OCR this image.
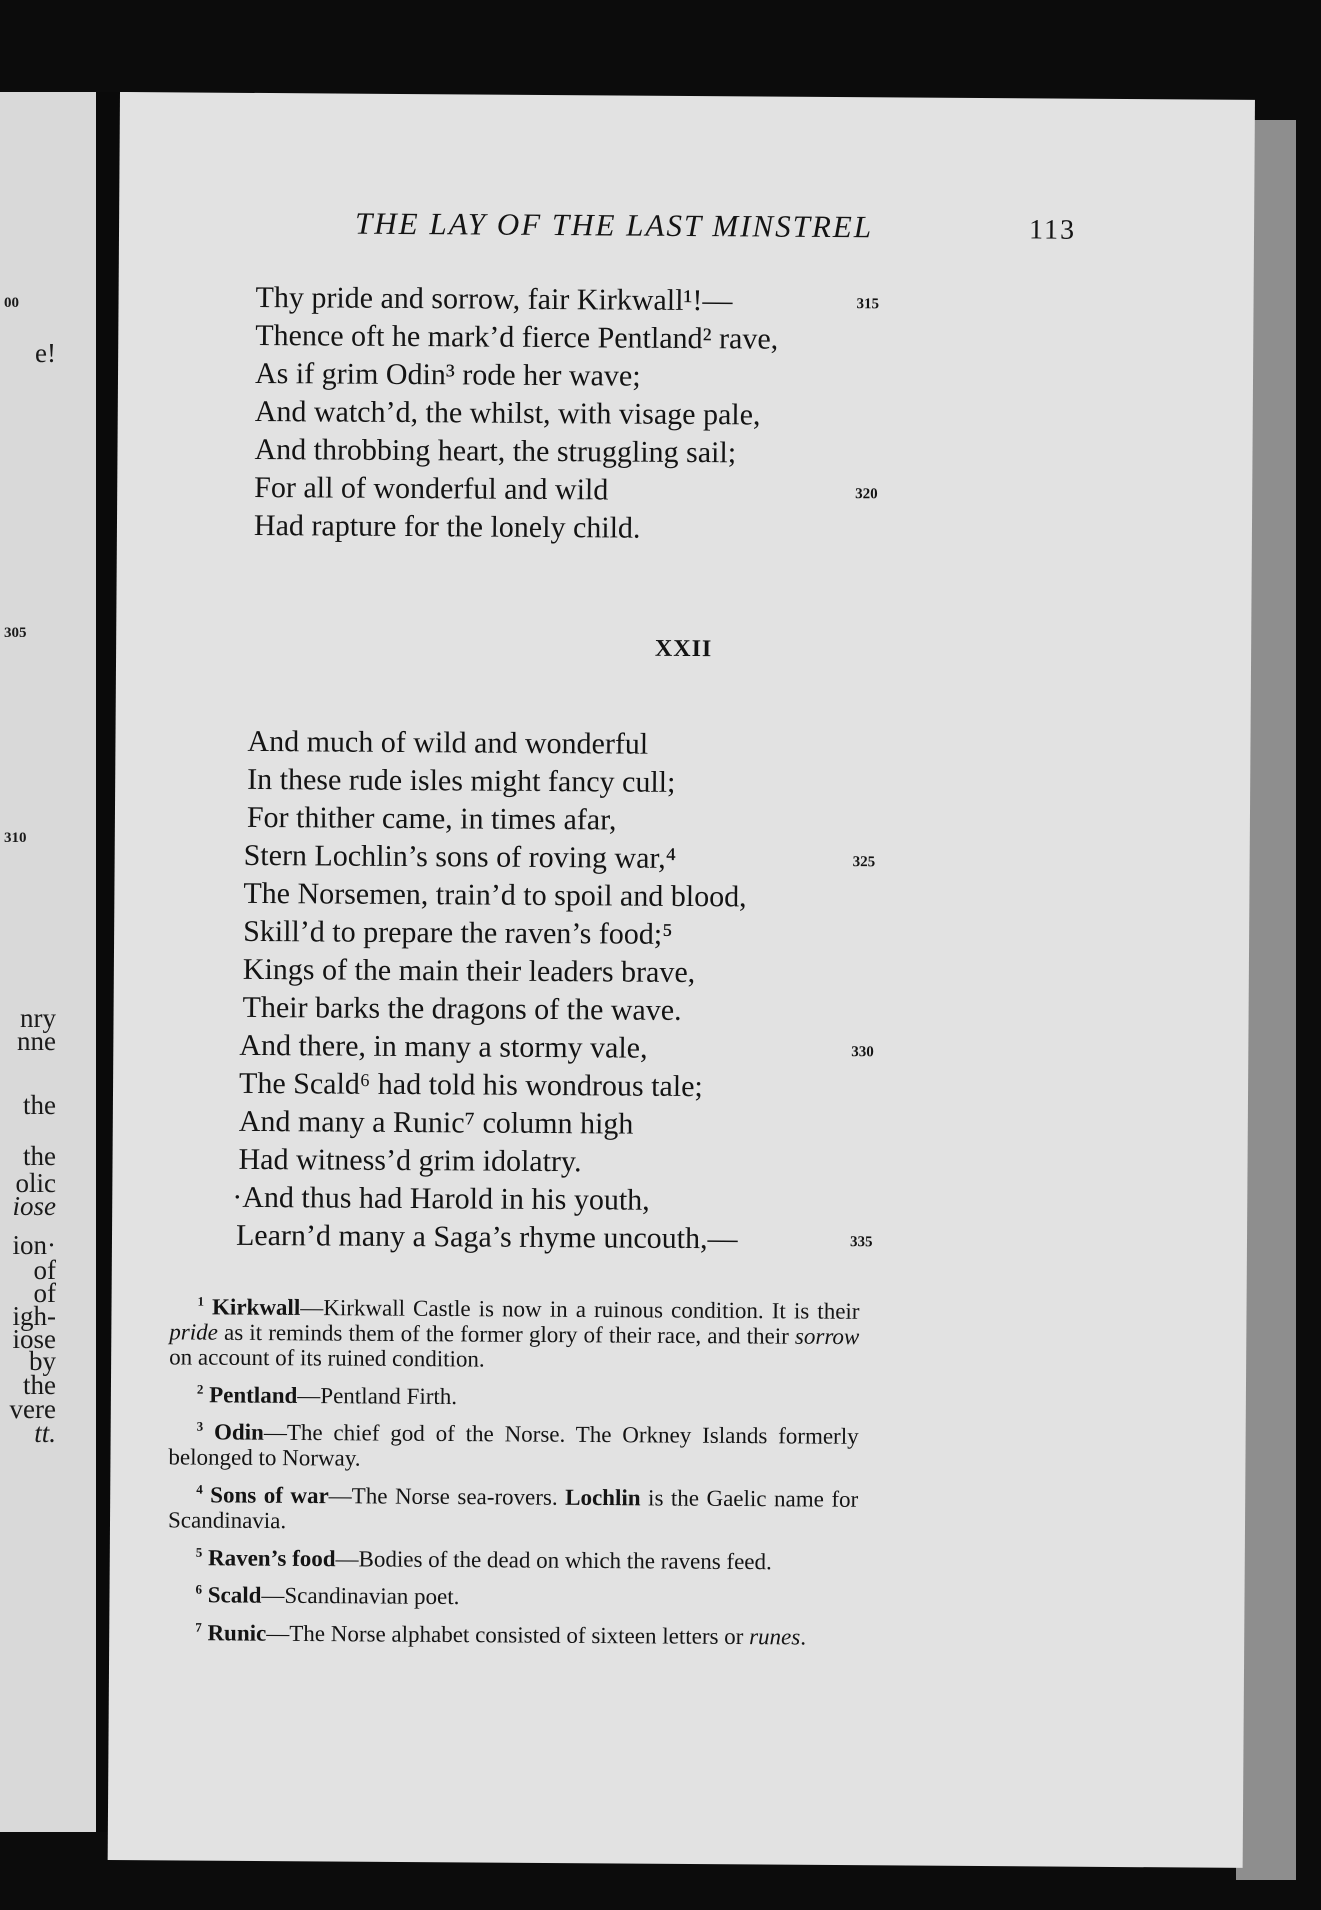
00
e!
305
310
nry
nne
the
the
olic
iose
ion·
of
of
igh-
iose
by
the
vere
tt.
THE LAY OF THE LAST MINSTREL	113
Thy pride and sorrow, fair Kirkwall¹!—	315
Thence oft he mark’d fierce Pentland² rave,
As if grim Odin³ rode her wave;
And watch’d, the whilst, with visage pale,
And throbbing heart, the struggling sail;
For all of wonderful and wild	320
Had rapture for the lonely child.
XXII
And much of wild and wonderful
In these rude isles might fancy cull;
For thither came, in times afar,
Stern Lochlin’s sons of roving war,⁴	325
The Norsemen, train’d to spoil and blood,
Skill’d to prepare the raven’s food;⁵
Kings of the main their leaders brave,
Their barks the dragons of the wave.
And there, in many a stormy vale,	330
The Scald⁶ had told his wondrous tale;
And many a Runic⁷ column high
Had witness’d grim idolatry.
·And thus had Harold in his youth,
Learn’d many a Saga’s rhyme uncouth,—	335

$^1$ Kirkwall—Kirkwall Castle is now in a ruinous condition. It is their pride as it reminds them of the former glory of their race, and their sorrow on account of its ruined condition.

$^2$ Pentland—Pentland Firth.

$^3$ Odin—The chief god of the Norse. The Orkney Islands formerly belonged to Norway.

$^4$ Sons of war—The Norse sea-rovers. Lochlin is the Gaelic name for Scandinavia.

$^5$ Raven’s food—Bodies of the dead on which the ravens feed.

$^6$ Scald—Scandinavian poet.

$^7$ Runic—The Norse alphabet consisted of sixteen letters or runes.
